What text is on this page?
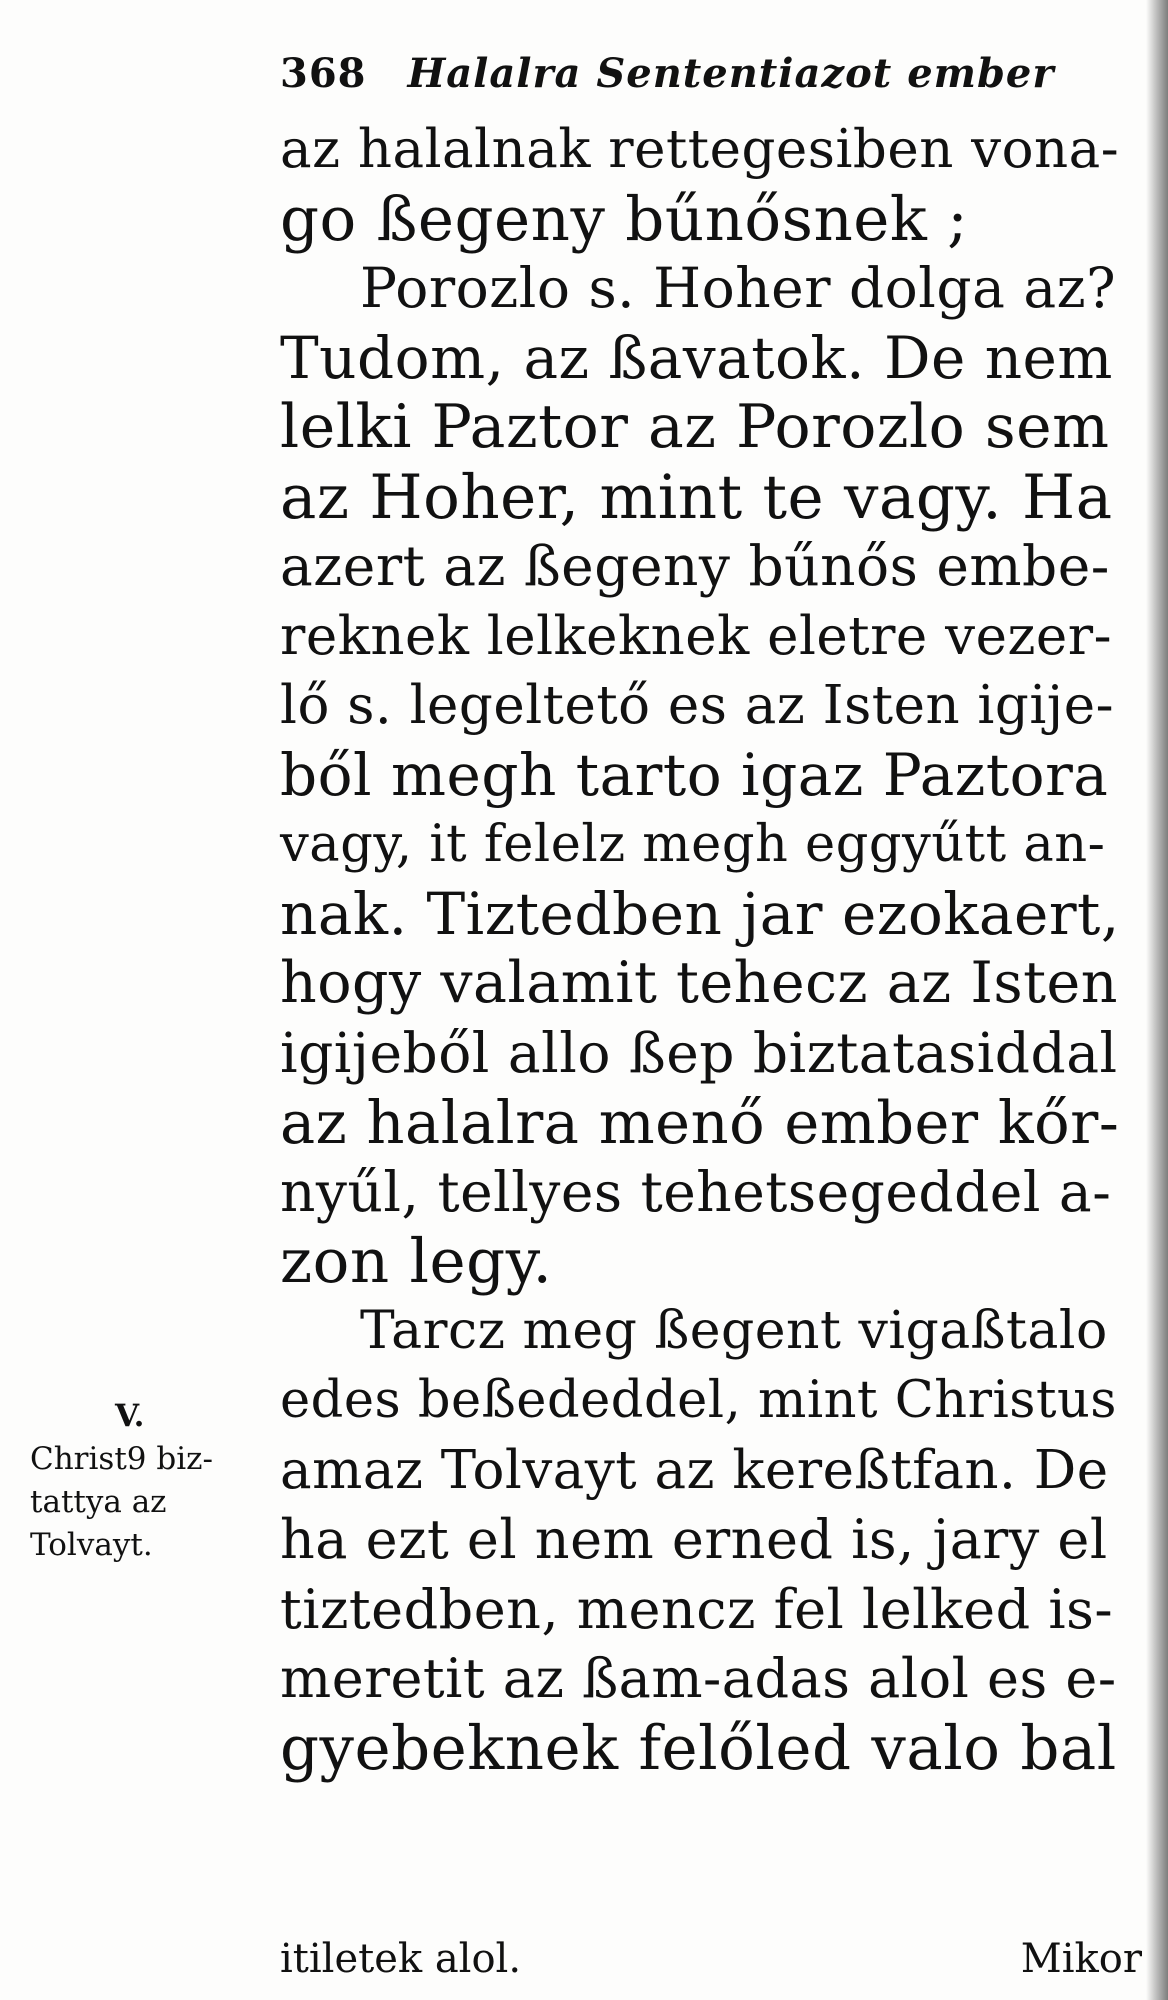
368 Halalra Sententiazot ember
az halalnak rettegesiben vona-
go ßegeny bűnősnek ;
Porozlo s. Hoher dolga az?
Tudom, az ßavatok. De nem
lelki Paztor az Porozlo sem
az Hoher, mint te vagy. Ha
azert az ßegeny bűnős embe-
reknek lelkeknek eletre vezer-
lő s. legeltető es az Isten igije-
ből megh tarto igaz Paztora
vagy, it felelz megh eggyűtt an-
nak. Tiztedben jar ezokaert,
hogy valamit tehecz az Isten
igijeből allo ßep biztatasiddal
az halalra menő ember kőr-
nyűl, tellyes tehetsegeddel a-
zon legy.
Tarcz meg ßegent vigaßtalo
edes beßededdel, mint Christus
amaz Tolvayt az kereßtfan. De
ha ezt el nem erned is, jary el
tiztedben, mencz fel lelked is-
meretit az ßam-adas alol es e-
gyebeknek felőled valo bal
V.
Christ9 biz-
tattya az
Tolvayt.
itiletek alol.	Mikor
